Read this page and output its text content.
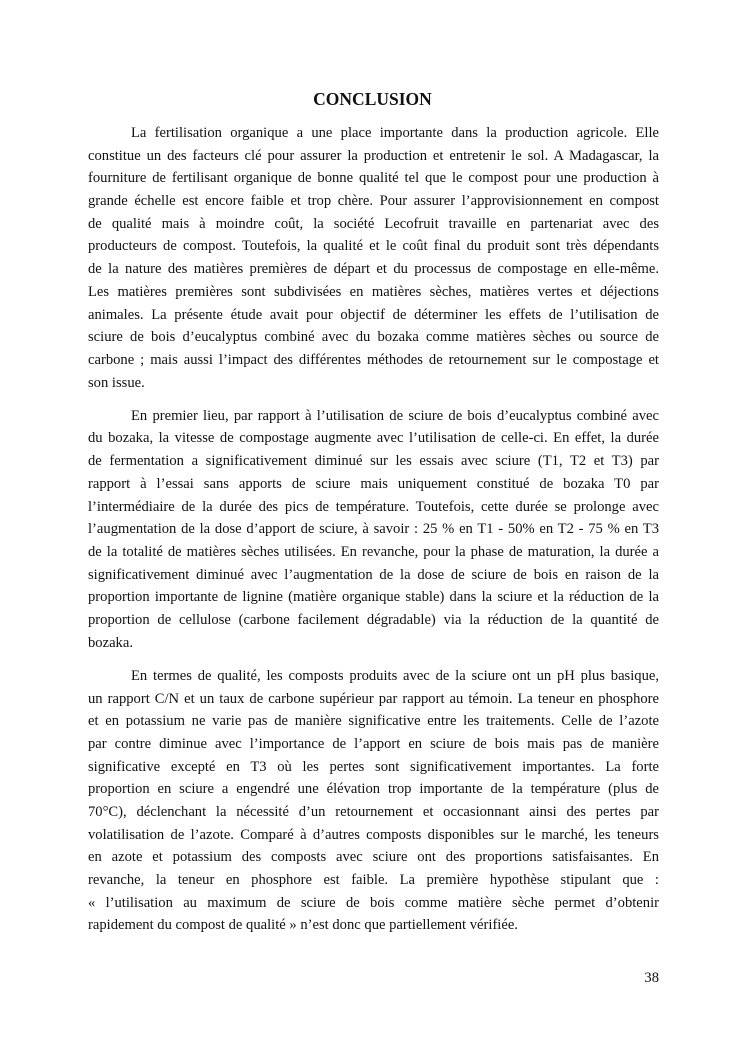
CONCLUSION
La fertilisation organique a une place importante dans la production agricole. Elle
constitue un des facteurs clé pour assurer la production et entretenir le sol. A Madagascar, la
fourniture de fertilisant organique de bonne qualité tel que le compost pour une production à
grande échelle est encore faible et trop chère. Pour assurer l’approvisionnement en compost
de qualité mais à moindre coût, la société Lecofruit travaille en partenariat avec des
producteurs de compost. Toutefois, la qualité et le coût final du produit sont très dépendants
de la nature des matières premières de départ et du processus de compostage en elle-même.
Les matières premières sont subdivisées en matières sèches, matières vertes et déjections
animales. La présente étude avait pour objectif de déterminer les effets de l’utilisation de
sciure de bois d’eucalyptus combiné avec du bozaka comme matières sèches ou source de
carbone ; mais aussi l’impact des différentes méthodes de retournement sur le compostage et
son issue.
En premier lieu, par rapport à l’utilisation de sciure de bois d’eucalyptus combiné avec
du bozaka, la vitesse de compostage augmente avec l’utilisation de celle-ci. En effet, la durée
de fermentation a significativement diminué sur les essais avec sciure (T1, T2 et T3) par
rapport à l’essai sans apports de sciure mais uniquement constitué de bozaka T0 par
l’intermédiaire de la durée des pics de température. Toutefois, cette durée se prolonge avec
l’augmentation de la dose d’apport de sciure, à savoir : 25 % en T1 - 50% en T2 - 75 % en T3
de la totalité de matières sèches utilisées. En revanche, pour la phase de maturation, la durée a
significativement diminué avec l’augmentation de la dose de sciure de bois en raison de la
proportion importante de lignine (matière organique stable) dans la sciure et la réduction de la
proportion de cellulose (carbone facilement dégradable) via la réduction de la quantité de
bozaka.
En termes de qualité, les composts produits avec de la sciure ont un pH plus basique,
un rapport C/N et un taux de carbone supérieur par rapport au témoin. La teneur en phosphore
et en potassium ne varie pas de manière significative entre les traitements. Celle de l’azote
par contre diminue avec l’importance de l’apport en sciure de bois mais pas de manière
significative excepté en T3 où les pertes sont significativement importantes. La forte
proportion en sciure a engendré une élévation trop importante de la température (plus de
70°C), déclenchant la nécessité d’un retournement et occasionnant ainsi des pertes par
volatilisation de l’azote. Comparé à d’autres composts disponibles sur le marché, les teneurs
en azote et potassium des composts avec sciure ont des proportions satisfaisantes. En
revanche, la teneur en phosphore est faible. La première hypothèse stipulant que :
« l’utilisation au maximum de sciure de bois comme matière sèche permet d’obtenir
rapidement du compost de qualité » n’est donc que partiellement vérifiée.
38
